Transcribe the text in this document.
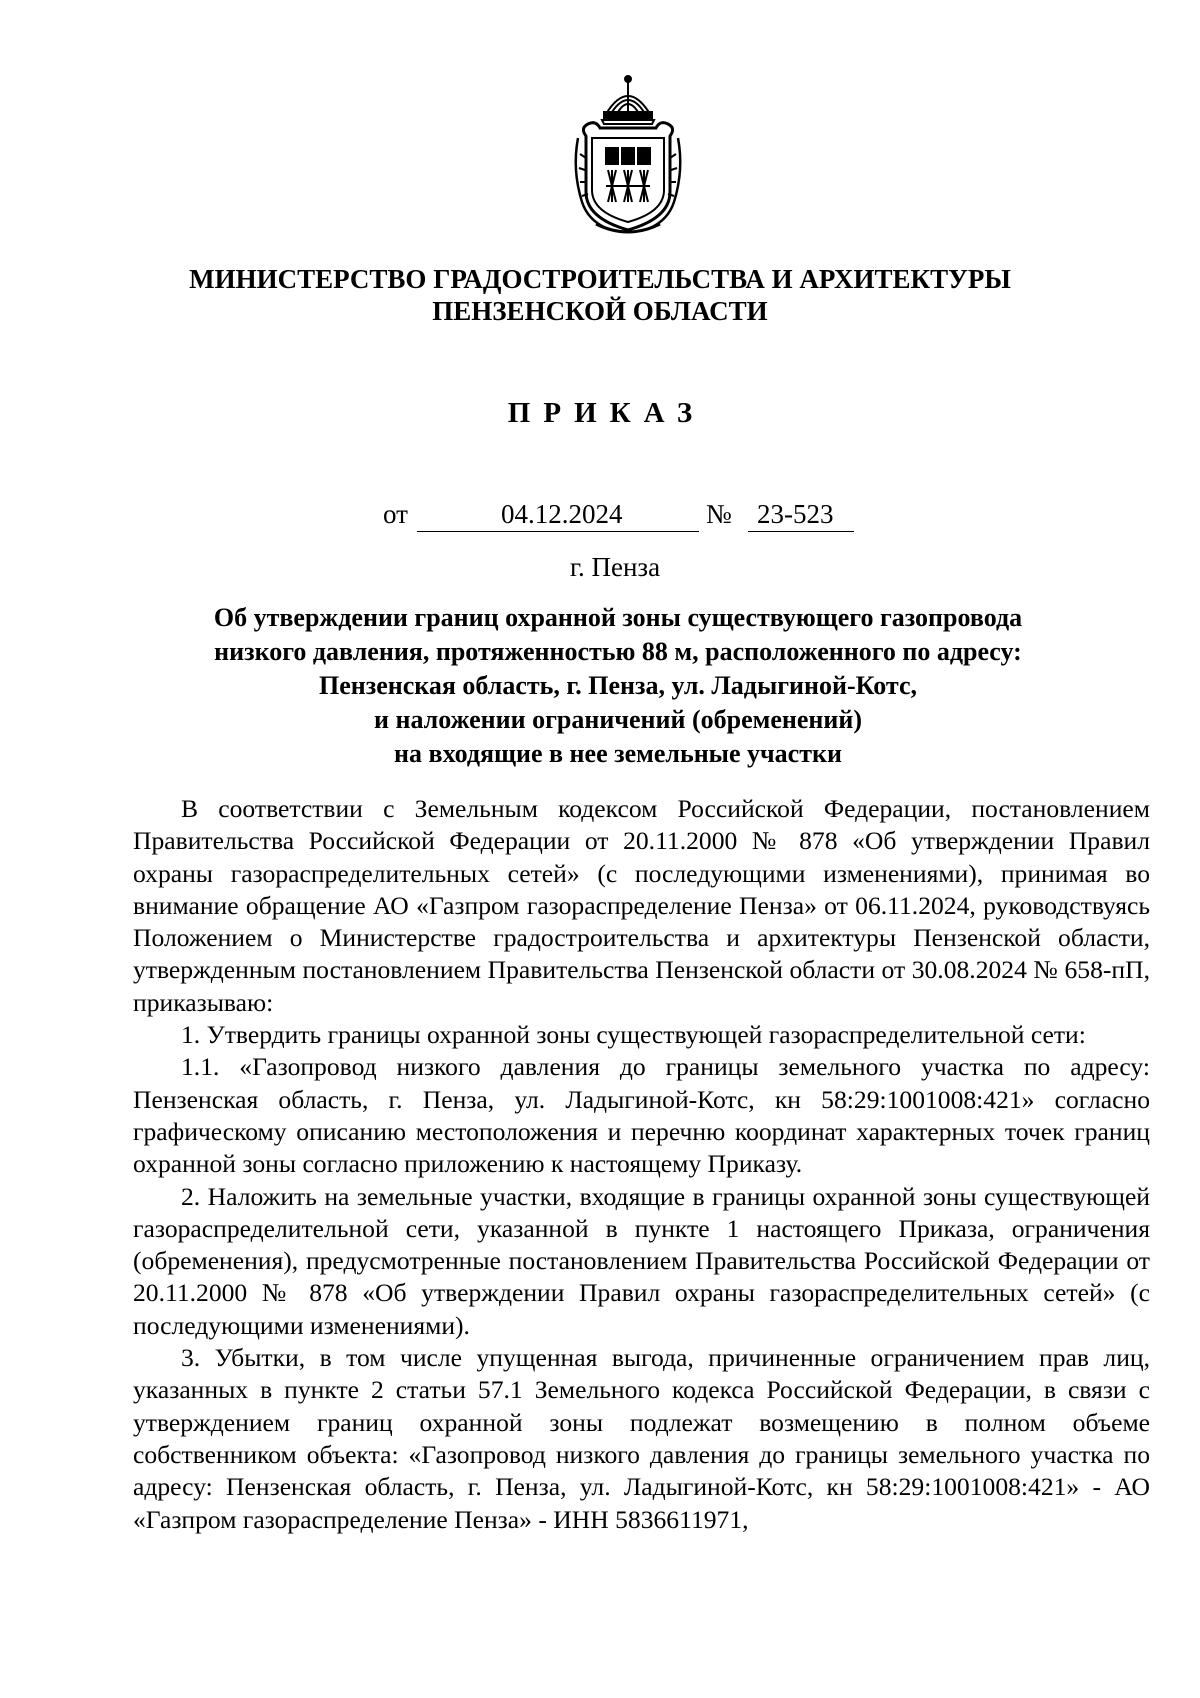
МИНИСТЕРСТВО ГРАДОСТРОИТЕЛЬСТВА И АРХИТЕКТУРЫ
ПЕНЗЕНСКОЙ ОБЛАСТИ
ПРИКАЗ
от	04.12.2024	№ 23-523
г. Пенза
Об утверждении границ охранной зоны существующего газопровода
низкого давления, протяженностью 88 м, расположенного по адресу:
Пензенская область, г. Пенза, ул. Ладыгиной-Котс,
и наложении ограничений (обременений)
на входящие в нее земельные участки

В соответствии с Земельным кодексом Российской Федерации, постановлением Правительства Российской Федерации от 20.11.2000 № 878 «Об утверждении Правил охраны газораспределительных сетей» (с последующими изменениями), принимая во внимание обращение АО «Газпром газораспределение Пенза» от 06.11.2024, руководствуясь Положением о Министерстве градостроительства и архитектуры Пензенской области, утвержденным постановлением Правительства Пензенской области от 30.08.2024 № 658-пП, приказываю:

1. Утвердить границы охранной зоны существующей газораспределительной сети:

1.1. «Газопровод низкого давления до границы земельного участка по адресу: Пензенская область, г. Пенза, ул. Ладыгиной-Котс, кн 58:29:1001008:421» согласно графическому описанию местоположения и перечню координат характерных точек границ охранной зоны согласно приложению к настоящему Приказу.

2. Наложить на земельные участки, входящие в границы охранной зоны существующей газораспределительной сети, указанной в пункте 1 настоящего Приказа, ограничения (обременения), предусмотренные постановлением Правительства Российской Федерации от 20.11.2000 № 878 «Об утверждении Правил охраны газораспределительных сетей» (с последующими изменениями).

3. Убытки, в том числе упущенная выгода, причиненные ограничением прав лиц, указанных в пункте 2 статьи 57.1 Земельного кодекса Российской Федерации, в связи с утверждением границ охранной зоны подлежат возмещению в полном объеме собственником объекта: «Газопровод низкого давления до границы земельного участка по адресу: Пензенская область, г. Пенза, ул. Ладыгиной-Котс, кн 58:29:1001008:421» - АО «Газпром газораспределение Пенза» - ИНН 5836611971,
